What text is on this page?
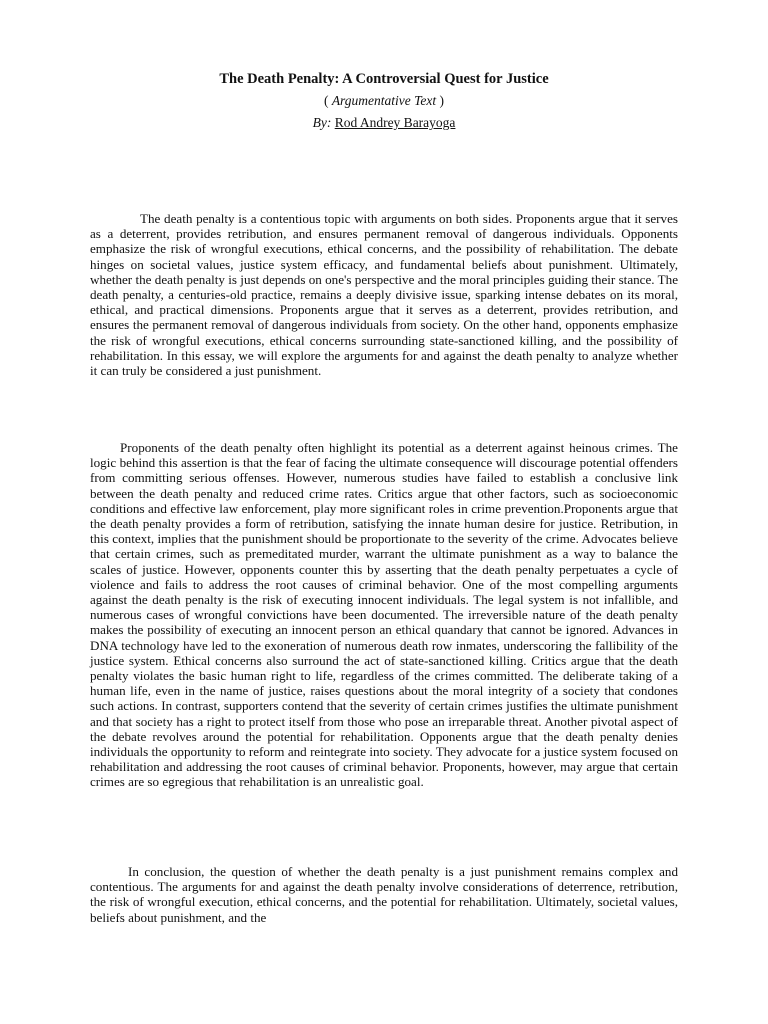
The Death Penalty: A Controversial Quest for Justice

( Argumentative Text )

By: Rod Andrey Barayoga

The death penalty is a contentious topic with arguments on both sides. Proponents argue that it serves as a deterrent, provides retribution, and ensures permanent removal of dangerous individuals. Opponents emphasize the risk of wrongful executions, ethical concerns, and the possibility of rehabilitation. The debate hinges on societal values, justice system efficacy, and fundamental beliefs about punishment. Ultimately, whether the death penalty is just depends on one's perspective and the moral principles guiding their stance. The death penalty, a centuries-old practice, remains a deeply divisive issue, sparking intense debates on its moral, ethical, and practical dimensions. Proponents argue that it serves as a deterrent, provides retribution, and ensures the permanent removal of dangerous individuals from society. On the other hand, opponents emphasize the risk of wrongful executions, ethical concerns surrounding state-sanctioned killing, and the possibility of rehabilitation. In this essay, we will explore the arguments for and against the death penalty to analyze whether it can truly be considered a just punishment.

Proponents of the death penalty often highlight its potential as a deterrent against heinous crimes. The logic behind this assertion is that the fear of facing the ultimate consequence will discourage potential offenders from committing serious offenses. However, numerous studies have failed to establish a conclusive link between the death penalty and reduced crime rates. Critics argue that other factors, such as socioeconomic conditions and effective law enforcement, play more significant roles in crime prevention.Proponents argue that the death penalty provides a form of retribution, satisfying the innate human desire for justice. Retribution, in this context, implies that the punishment should be proportionate to the severity of the crime. Advocates believe that certain crimes, such as premeditated murder, warrant the ultimate punishment as a way to balance the scales of justice. However, opponents counter this by asserting that the death penalty perpetuates a cycle of violence and fails to address the root causes of criminal behavior. One of the most compelling arguments against the death penalty is the risk of executing innocent individuals. The legal system is not infallible, and numerous cases of wrongful convictions have been documented. The irreversible nature of the death penalty makes the possibility of executing an innocent person an ethical quandary that cannot be ignored. Advances in DNA technology have led to the exoneration of numerous death row inmates, underscoring the fallibility of the justice system. Ethical concerns also surround the act of state-sanctioned killing. Critics argue that the death penalty violates the basic human right to life, regardless of the crimes committed. The deliberate taking of a human life, even in the name of justice, raises questions about the moral integrity of a society that condones such actions. In contrast, supporters contend that the severity of certain crimes justifies the ultimate punishment and that society has a right to protect itself from those who pose an irreparable threat. Another pivotal aspect of the debate revolves around the potential for rehabilitation. Opponents argue that the death penalty denies individuals the opportunity to reform and reintegrate into society. They advocate for a justice system focused on rehabilitation and addressing the root causes of criminal behavior. Proponents, however, may argue that certain crimes are so egregious that rehabilitation is an unrealistic goal.

In conclusion, the question of whether the death penalty is a just punishment remains complex and contentious. The arguments for and against the death penalty involve considerations of deterrence, retribution, the risk of wrongful execution, ethical concerns, and the potential for rehabilitation. Ultimately, societal values, beliefs about punishment, and the
